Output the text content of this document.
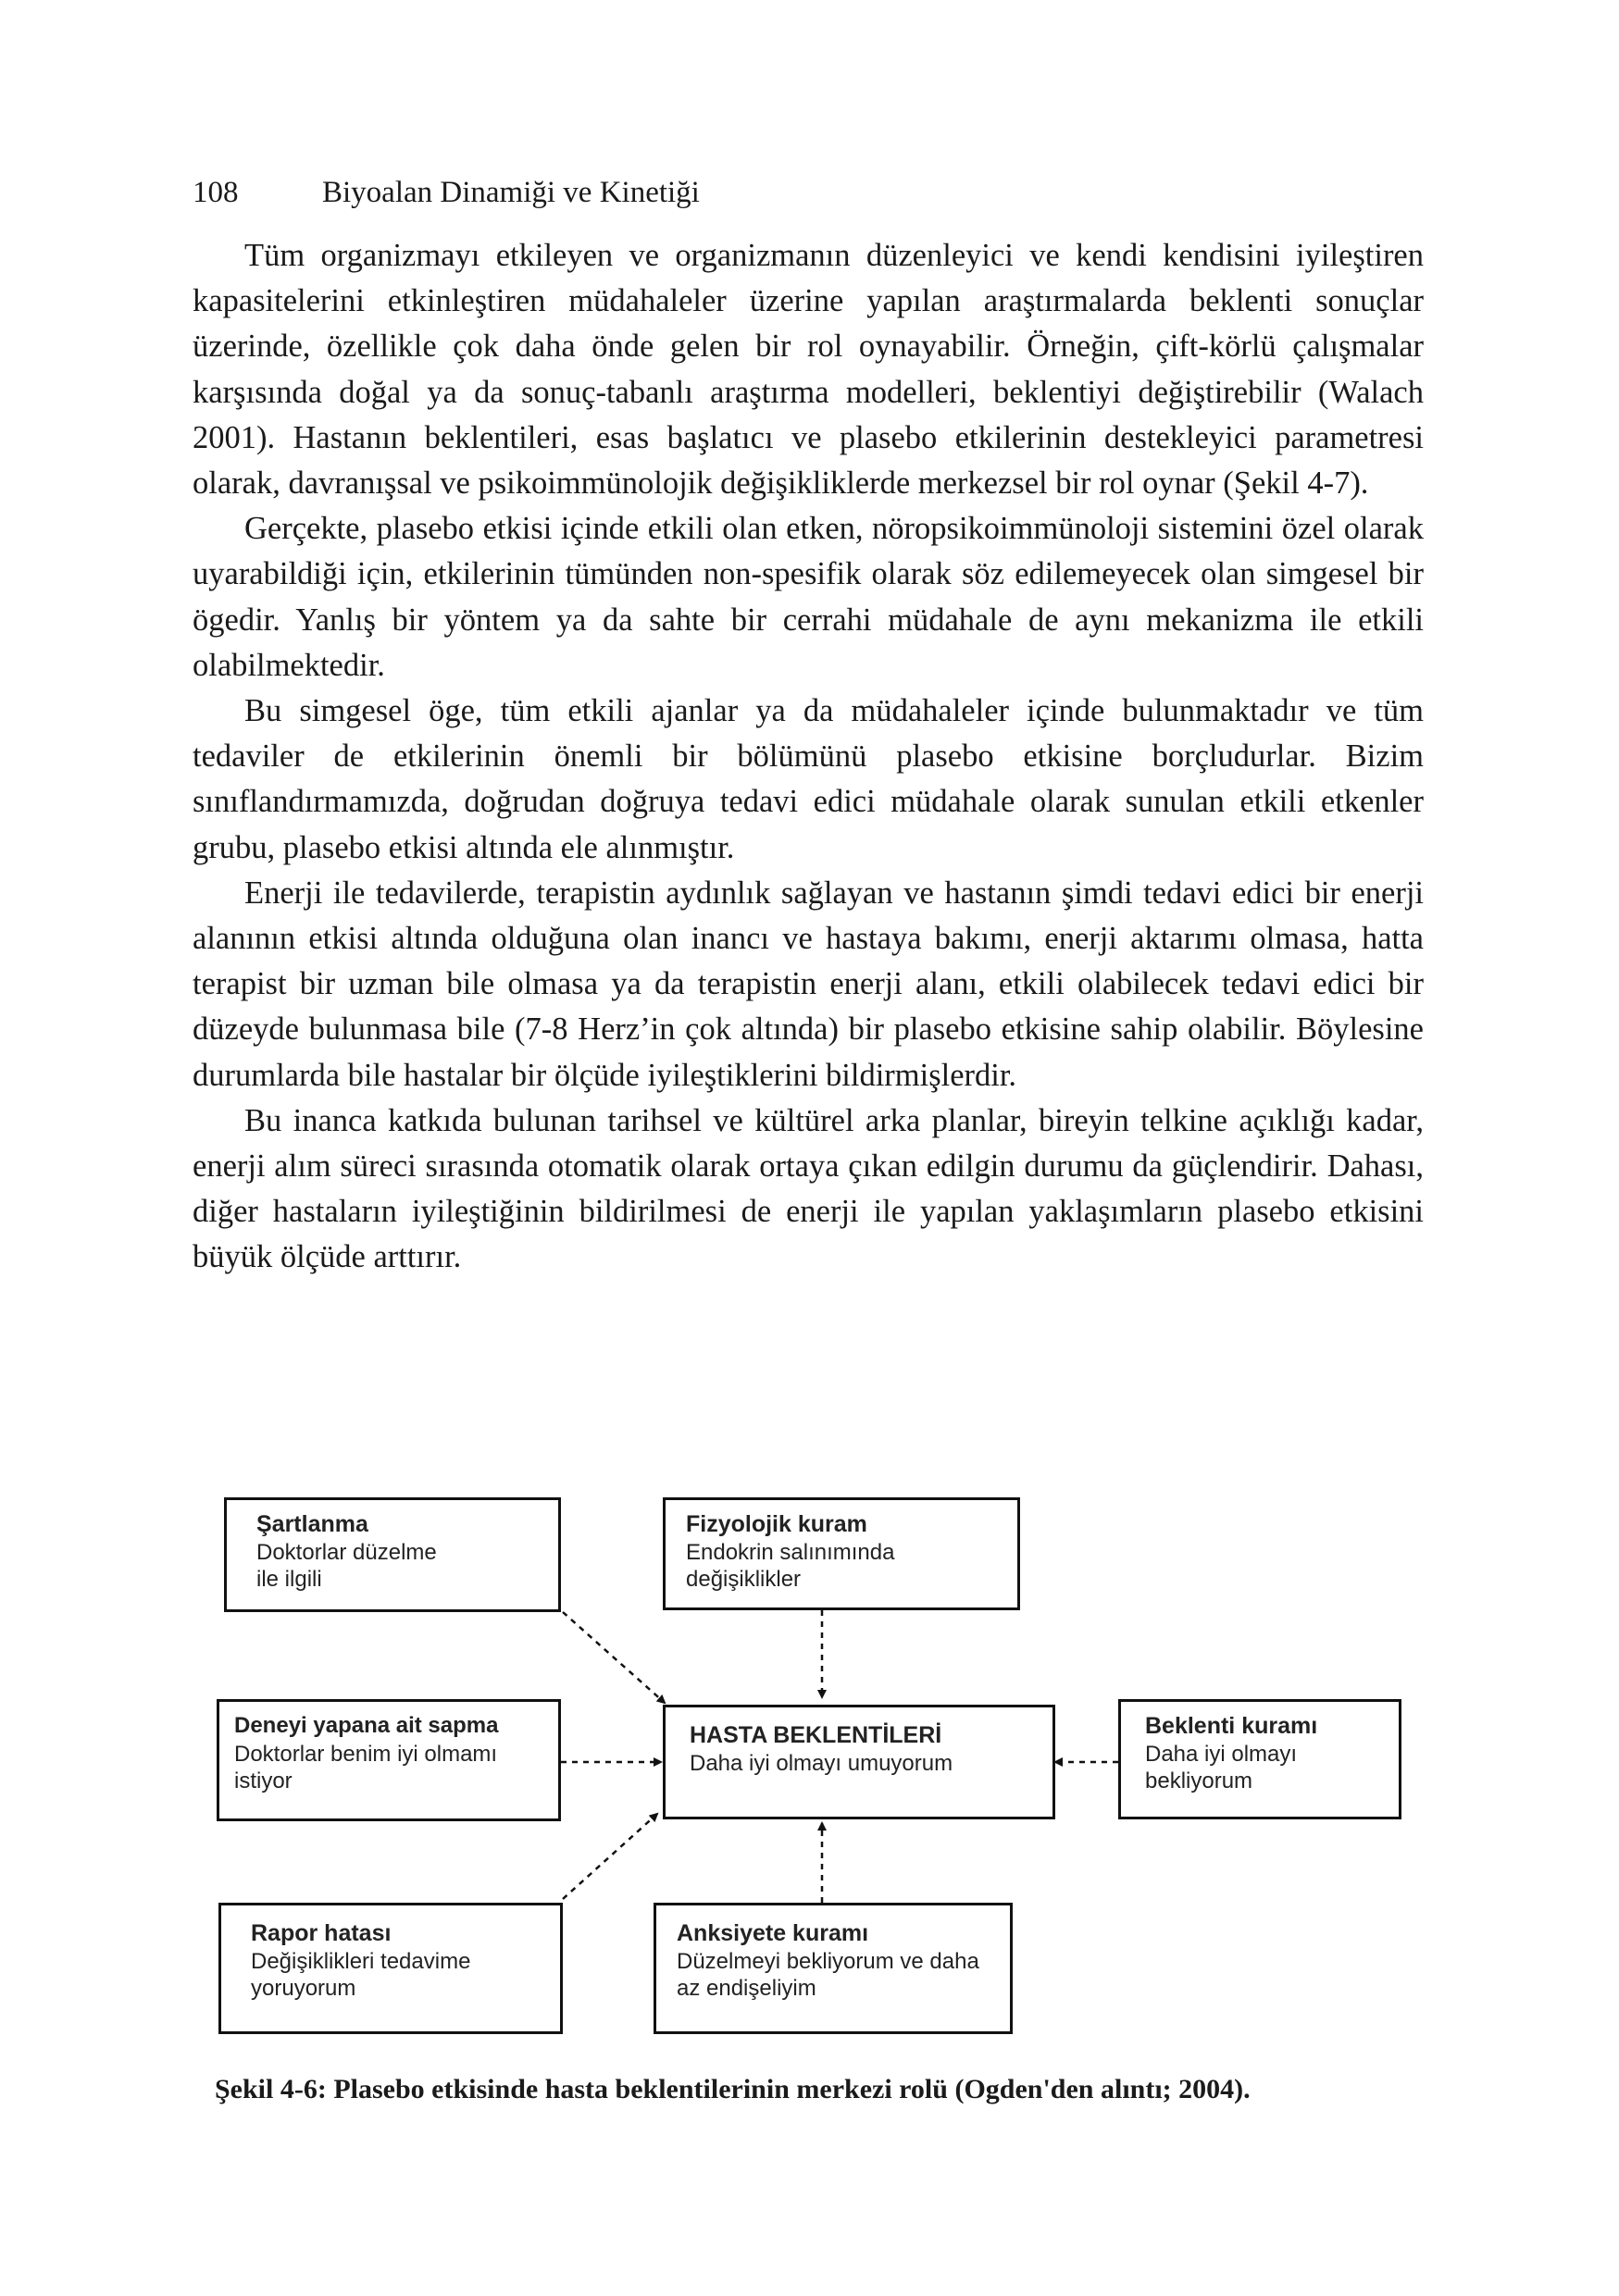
108	Biyoalan Dinamiği ve Kinetiği

Tüm organizmayı etkileyen ve organizmanın düzenleyici ve kendi kendisini iyileştiren kapasitelerini etkinleştiren müdahaleler üzerine yapılan araştırmalarda beklenti sonuçlar üzerinde, özellikle çok daha önde gelen bir rol oynayabilir. Örneğin, çift-körlü çalışmalar karşısında doğal ya da sonuç-tabanlı araştırma modelleri, beklentiyi değiştirebilir (Walach 2001). Hastanın beklentileri, esas başlatıcı ve plasebo etkilerinin destekleyici parametresi olarak, davranışsal ve psikoimmünolojik değişikliklerde merkezsel bir rol oynar (Şekil 4-7).

Gerçekte, plasebo etkisi içinde etkili olan etken, nöropsikoimmünoloji sistemini özel olarak uyarabildiği için, etkilerinin tümünden non-spesifik olarak söz edilemeyecek olan simgesel bir ögedir. Yanlış bir yöntem ya da sahte bir cerrahi müdahale de aynı mekanizma ile etkili olabilmektedir.

Bu simgesel öge, tüm etkili ajanlar ya da müdahaleler içinde bulunmaktadır ve tüm tedaviler de etkilerinin önemli bir bölümünü plasebo etkisine borçludurlar. Bizim sınıflandırmamızda, doğrudan doğruya tedavi edici müdahale olarak sunulan etkili etkenler grubu, plasebo etkisi altında ele alınmıştır.

Enerji ile tedavilerde, terapistin aydınlık sağlayan ve hastanın şimdi tedavi edici bir enerji alanının etkisi altında olduğuna olan inancı ve hastaya bakımı, enerji aktarımı olmasa, hatta terapist bir uzman bile olmasa ya da terapistin enerji alanı, etkili olabilecek tedavi edici bir düzeyde bulunmasa bile (7-8 Herz’in çok altında) bir plasebo etkisine sahip olabilir. Böylesine durumlarda bile hastalar bir ölçüde iyileştiklerini bildirmişlerdir.

Bu inanca katkıda bulunan tarihsel ve kültürel arka planlar, bireyin telkine açıklığı kadar, enerji alım süreci sırasında otomatik olarak ortaya çıkan edilgin durumu da güçlendirir. Dahası, diğer hastaların iyileştiğinin bildirilmesi de enerji ile yapılan yaklaşımların plasebo etkisini büyük ölçüde arttırır.

Şartlanma
Doktorlar düzelme ile ilgili
Fizyolojik kuram
Endokrin salınımında değişiklikler
Deneyi yapana ait sapma
Doktorlar benim iyi olmamı istiyor
HASTA BEKLENTİLERİ
Daha iyi olmayı umuyorum
Beklenti kuramı
Daha iyi olmayı bekliyorum
Rapor hatası
Değişiklikleri tedavime yoruyorum
Anksiyete kuramı
Düzelmeyi bekliyorum ve daha az endişeliyim
Şekil 4-6: Plasebo etkisinde hasta beklentilerinin merkezi rolü (Ogden'den alıntı; 2004).
